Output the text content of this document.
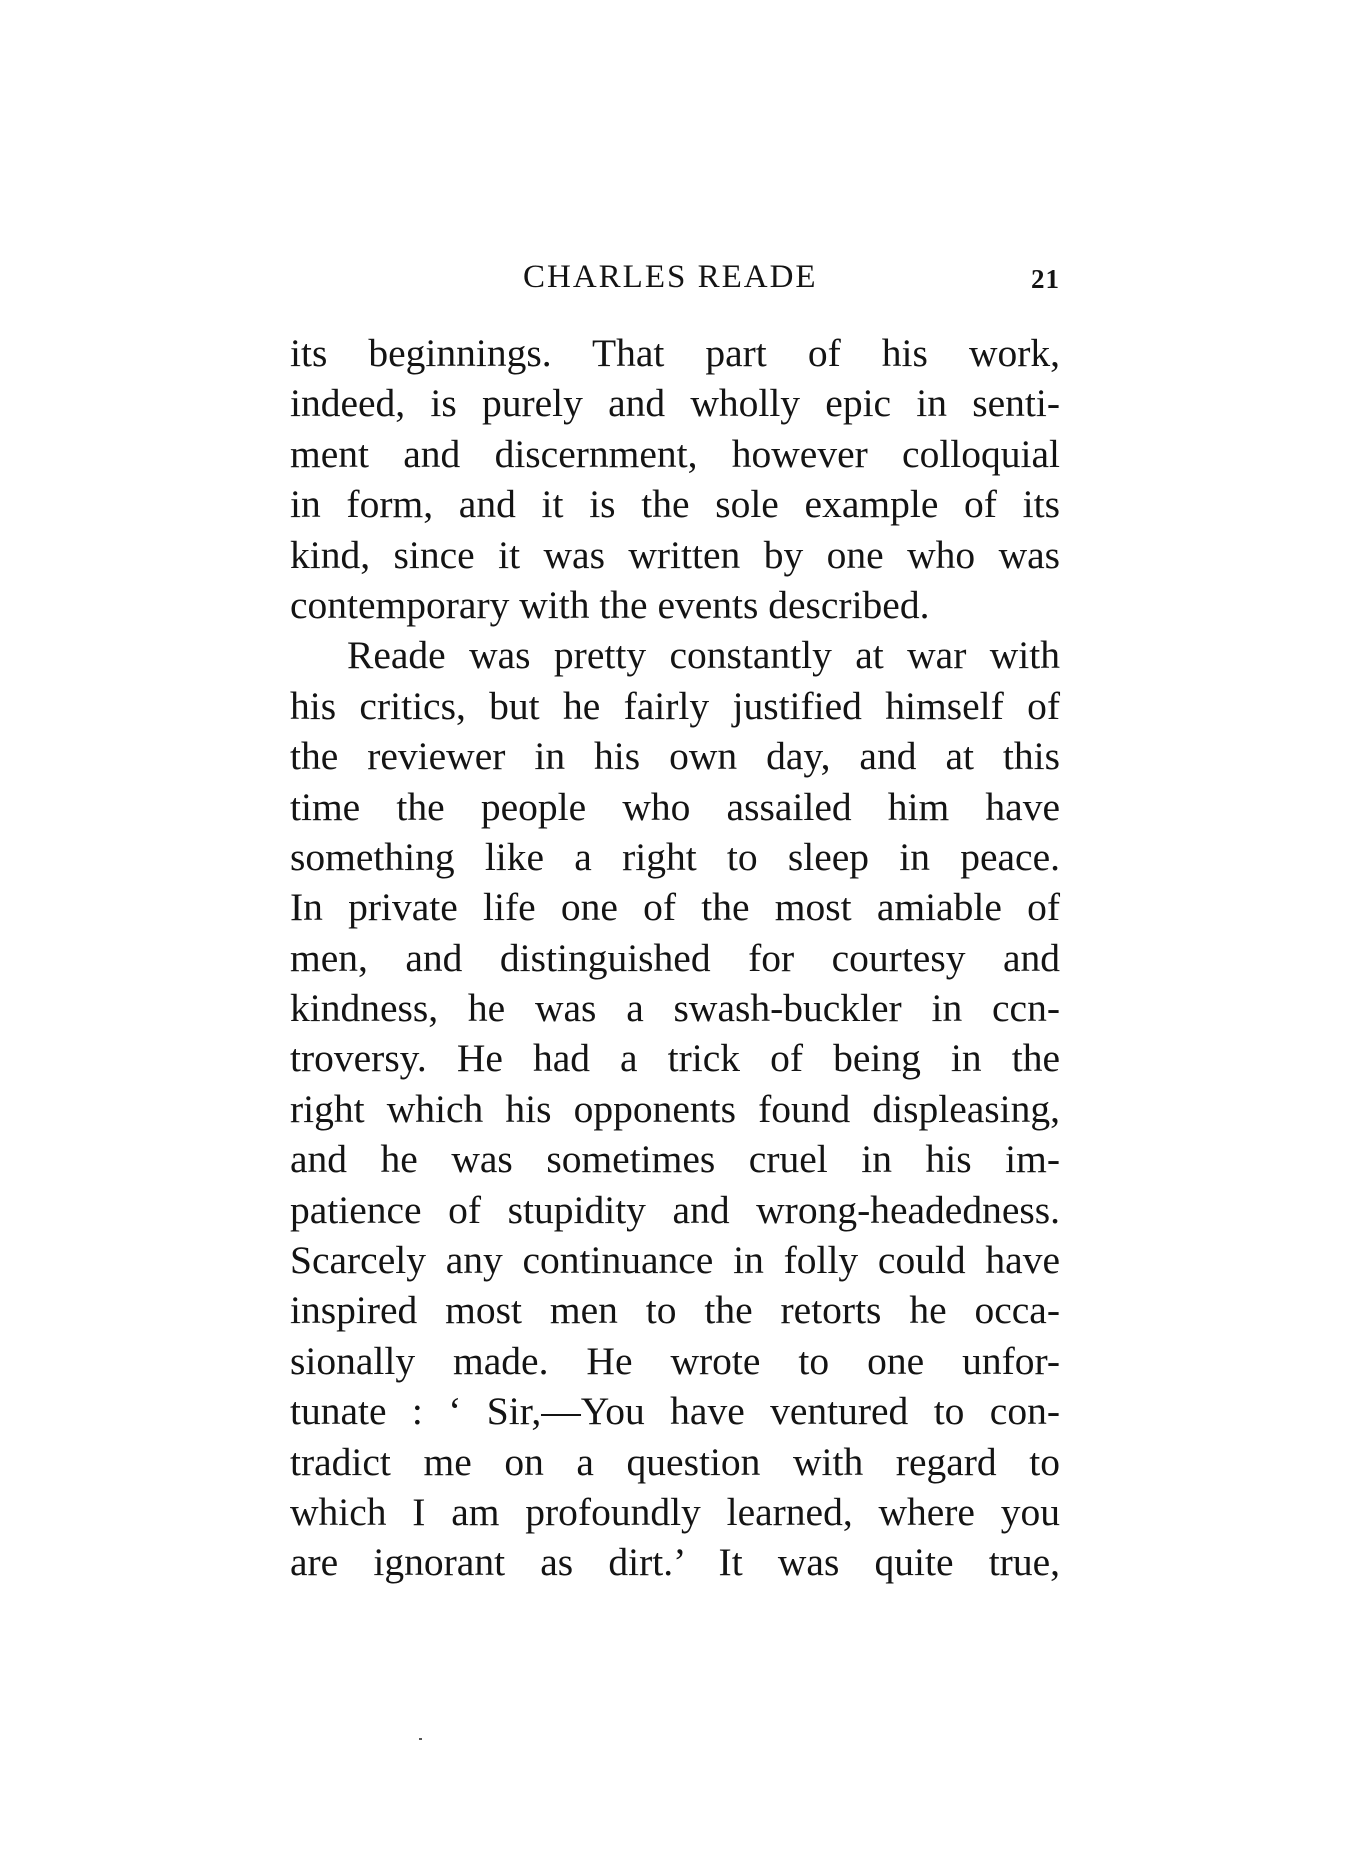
CHARLES READE	21
its beginnings. That part of his work,
indeed, is purely and wholly epic in senti-
ment and discernment, however colloquial
in form, and it is the sole example of its
kind, since it was written by one who was
contemporary with the events described.
Reade was pretty constantly at war with
his critics, but he fairly justified himself of
the reviewer in his own day, and at this
time the people who assailed him have
something like a right to sleep in peace.
In private life one of the most amiable of
men, and distinguished for courtesy and
kindness, he was a swash-buckler in ccn-
troversy. He had a trick of being in the
right which his opponents found displeasing,
and he was sometimes cruel in his im-
patience of stupidity and wrong-headedness.
Scarcely any continuance in folly could have
inspired most men to the retorts he occa-
sionally made. He wrote to one unfor-
tunate : ‘ Sir,—You have ventured to con-
tradict me on a question with regard to
which I am profoundly learned, where you
are ignorant as dirt.’ It was quite true,
